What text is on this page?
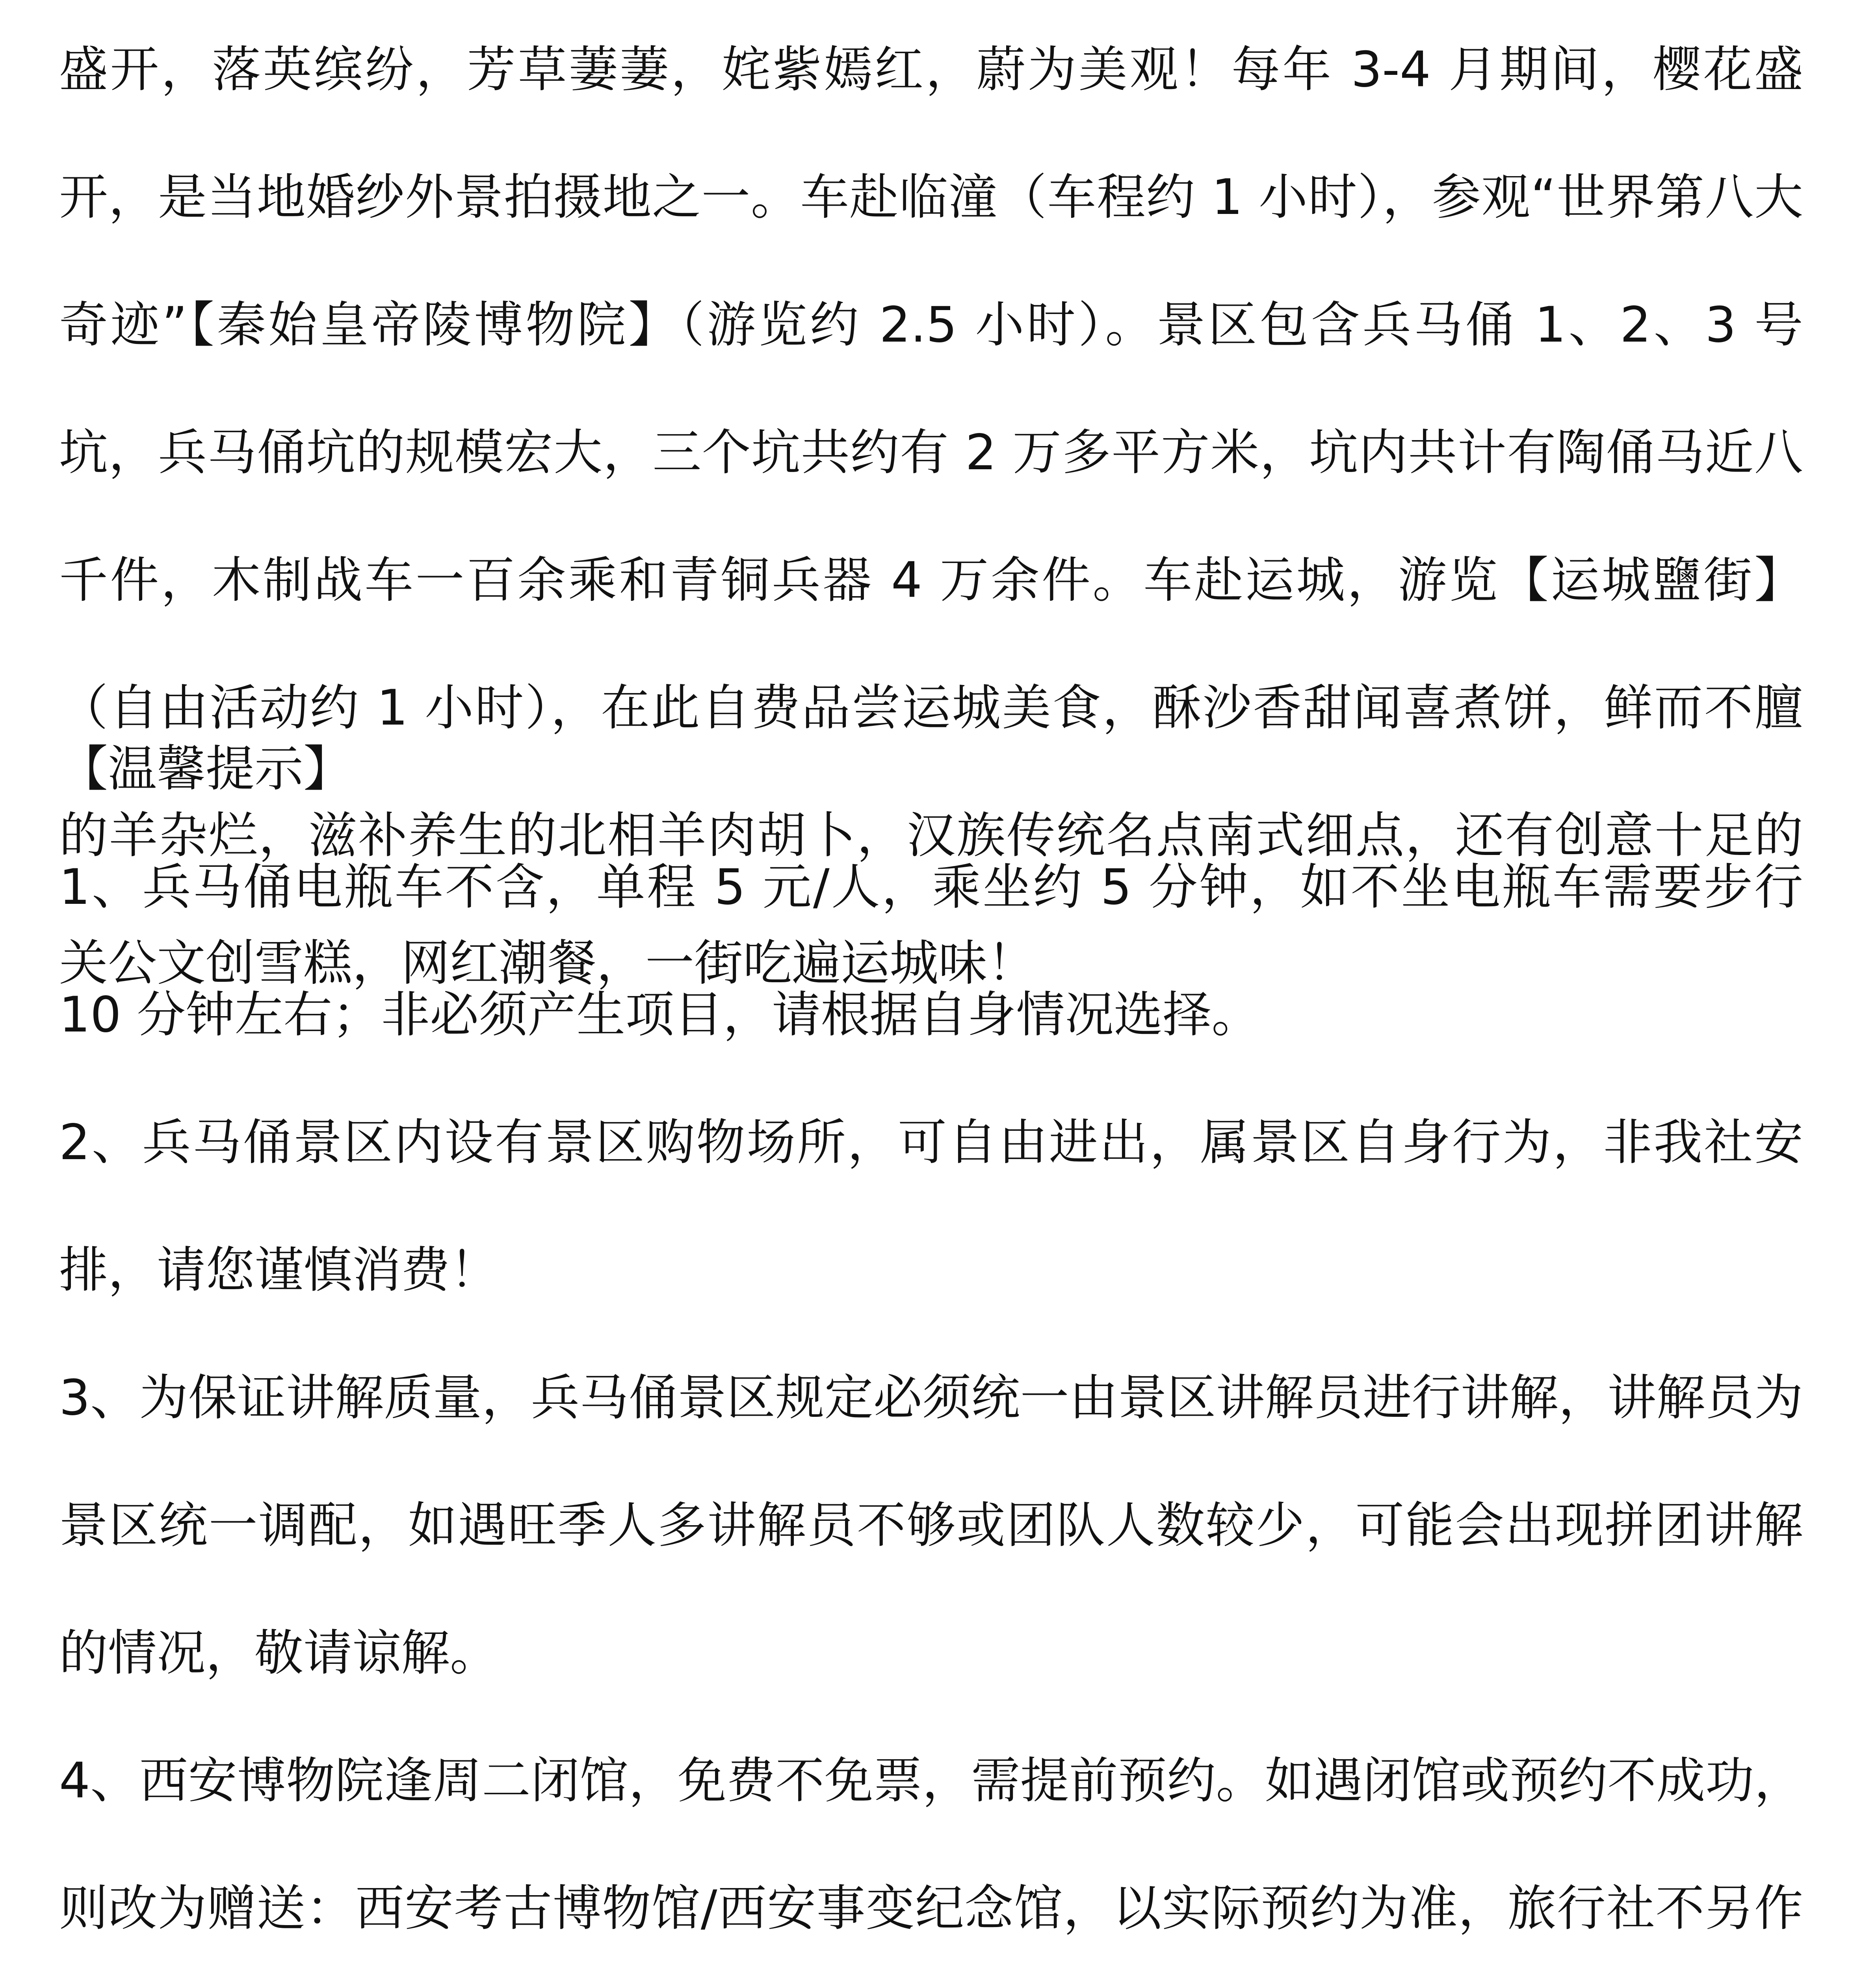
盛开，落英缤纷，芳草萋萋，姹紫嫣红，蔚为美观！每年 3-4 月期间，樱花盛开，是当地婚纱外景拍摄地之一。车赴临潼（车程约 1 小时），参观“世界第八大奇迹”【秦始皇帝陵博物院】（游览约 2.5 小时）。景区包含兵马俑 1、2、3 号坑，兵马俑坑的规模宏大，三个坑共约有 2 万多平方米，坑内共计有陶俑马近八千件，木制战车一百余乘和青铜兵器 4 万余件。车赴运城，游览【运城鹽街】（自由活动约 1 小时），在此自费品尝运城美食，酥沙香甜闻喜煮饼，鲜而不膻的羊杂烂，滋补养生的北相羊肉胡卜，汉族传统名点南式细点，还有创意十足的关公文创雪糕，网红潮餐，一街吃遍运城味！

【温馨提示】

1、兵马俑电瓶车不含，单程 5 元/人，乘坐约 5 分钟，如不坐电瓶车需要步行 10 分钟左右；非必须产生项目，请根据自身情况选择。

2、兵马俑景区内设有景区购物场所，可自由进出，属景区自身行为，非我社安排，请您谨慎消费！

3、为保证讲解质量，兵马俑景区规定必须统一由景区讲解员进行讲解，讲解员为景区统一调配，如遇旺季人多讲解员不够或团队人数较少，可能会出现拼团讲解的情况，敬请谅解。

4、西安博物院逢周二闭馆，免费不免票，需提前预约。如遇闭馆或预约不成功，则改为赠送：西安考古博物馆/西安事变纪念馆，以实际预约为准，旅行社不另作
